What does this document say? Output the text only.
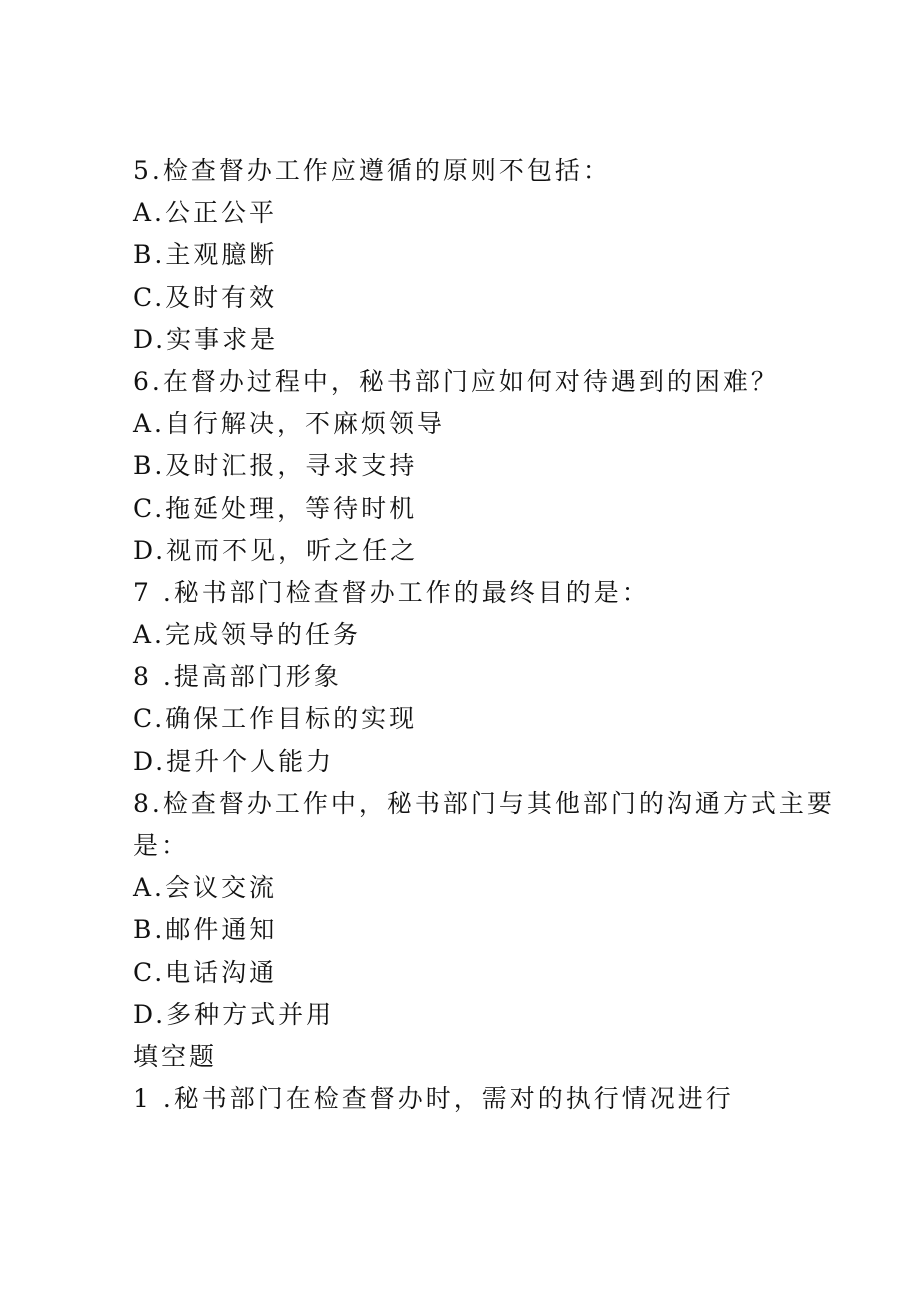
5.检查督办工作应遵循的原则不包括：
A.公正公平
B.主观臆断
C.及时有效
D.实事求是
6.在督办过程中，秘书部门应如何对待遇到的困难？
A.自行解决，不麻烦领导
B.及时汇报，寻求支持
C.拖延处理，等待时机
D.视而不见，听之任之
7 .秘书部门检查督办工作的最终目的是：
A.完成领导的任务
8 .提高部门形象
C.确保工作目标的实现
D.提升个人能力
8.检查督办工作中，秘书部门与其他部门的沟通方式主要
是：
A.会议交流
B.邮件通知
C.电话沟通
D.多种方式并用
填空题
1 .秘书部门在检查督办时，需对的执行情况进行
